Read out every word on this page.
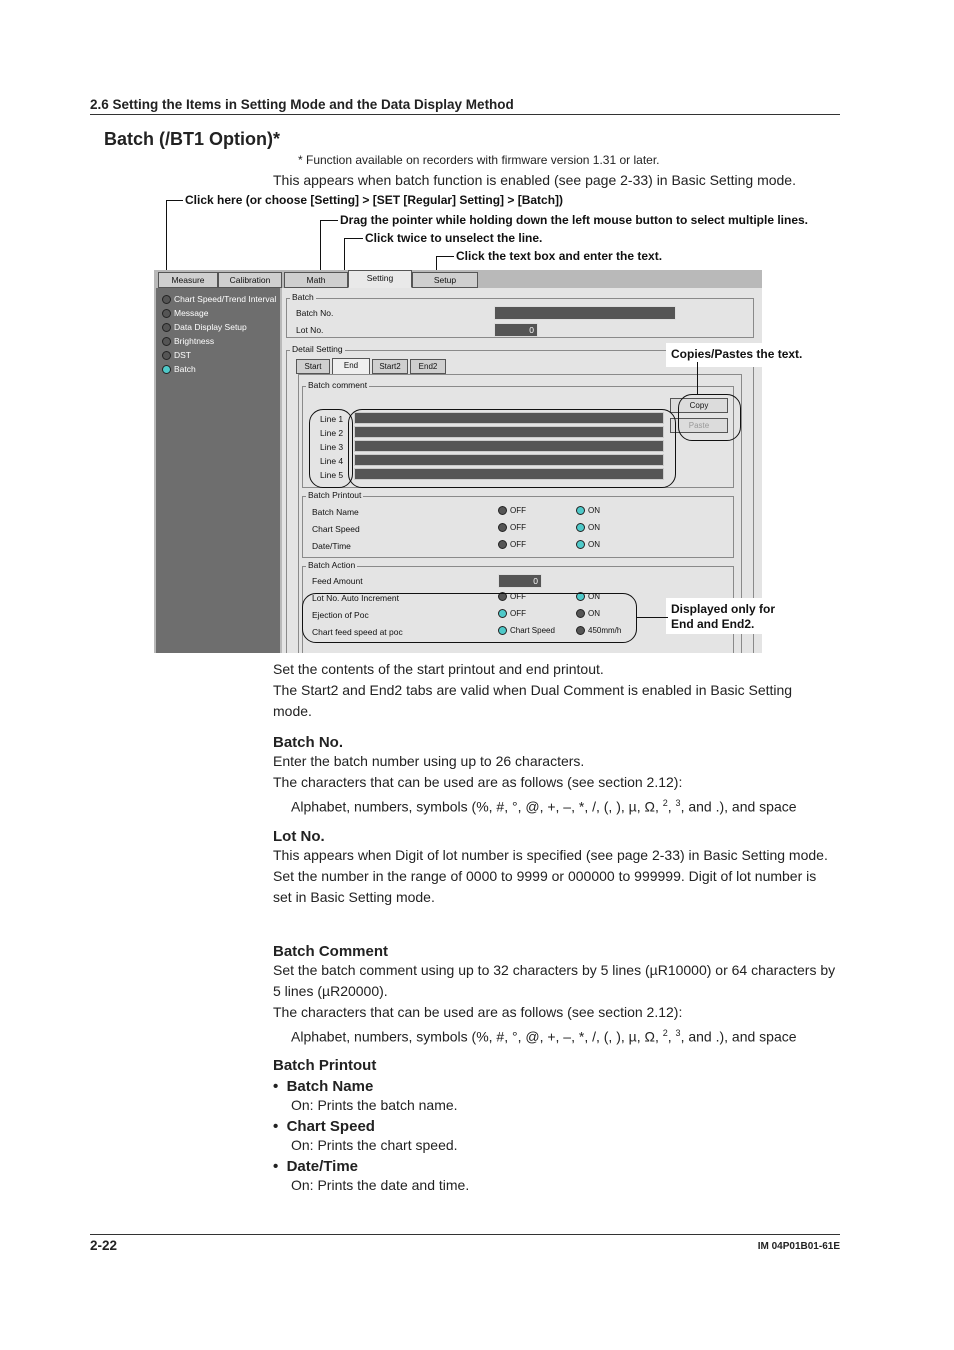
2.6 Setting the Items in Setting Mode and the Data Display Method
Batch (/BT1 Option)*
* Function available on recorders with firmware version 1.31 or later.
This appears when batch function is enabled (see page 2-33) in Basic Setting mode.
Click here (or choose [Setting] > [SET [Regular] Setting] > [Batch])
Drag the pointer while holding down the left mouse button to select multiple lines.
Click twice to unselect the line.
Click the text box and enter the text.
Measure	Calibration	Math	Setting	Setup
Chart Speed/Trend Interval
Message
Data Display Setup
Brightness
DST
Batch
Batch
Batch No.
Lot No.	0
Detail Setting
Start	End	Start2	End2
Batch comment
Line 1
Line 2
Line 3
Line 4
Line 5
Copy
Paste
Batch Printout
Batch Name	OFF	ON
Chart Speed	OFF	ON
Date/Time	OFF	ON
Batch Action
Feed Amount	0
Lot No. Auto Increment	OFF	ON
Ejection of Poc	OFF	ON
Chart feed speed at poc	Chart Speed	450mm/h
Copies/Pastes the text.
Displayed only for
End and End2.
Set the contents of the start printout and end printout.
The Start2 and End2 tabs are valid when Dual Comment is enabled in Basic Setting mode.
Batch No.
Enter the batch number using up to 26 characters.
The characters that can be used are as follows (see section 2.12):
Alphabet, numbers, symbols (%, #, °, @, +, –, *, /, (, ), µ, Ω, $^2$, $^3$, and .), and space
Lot No.
This appears when Digit of lot number is specified (see page 2-33) in Basic Setting mode.
Set the number in the range of 0000 to 9999 or 000000 to 999999. Digit of lot number is set in Basic Setting mode.
Batch Comment
Set the batch comment using up to 32 characters by 5 lines (µR10000) or 64 characters by 5 lines (µR20000).
The characters that can be used are as follows (see section 2.12):
Alphabet, numbers, symbols (%, #, °, @, +, –, *, /, (, ), µ, Ω, $^2$, $^3$, and .), and space
Batch Printout
•  Batch Name
On: Prints the batch name.
•  Chart Speed
On: Prints the chart speed.
•  Date/Time
On: Prints the date and time.
2-22	IM 04P01B01-61E
